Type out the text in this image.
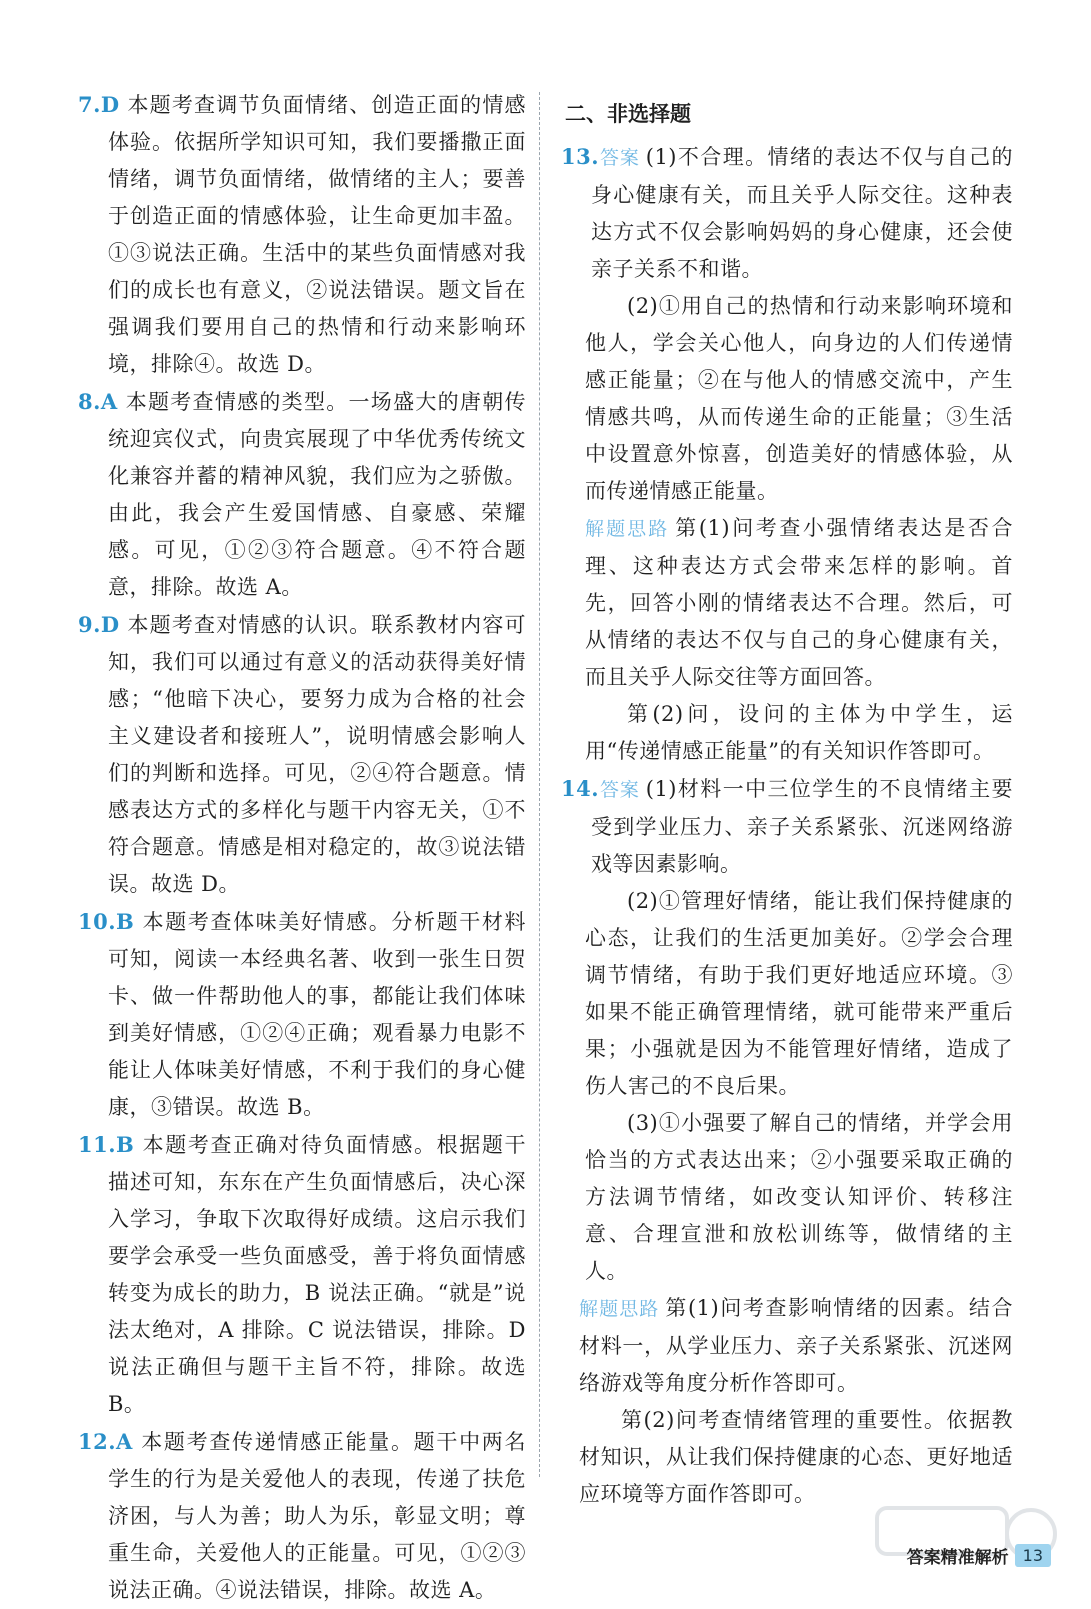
7.D 本题考查调节负面情绪、创造正面的情感体验。依据所学知识可知，我们要播撒正面情绪，调节负面情绪，做情绪的主人；要善于创造正面的情感体验，让生命更加丰盈。①③说法正确。生活中的某些负面情感对我们的成长也有意义，②说法错误。题文旨在强调我们要用自己的热情和行动来影响环境，排除④。故选 D。
8.A 本题考查情感的类型。一场盛大的唐朝传统迎宾仪式，向贵宾展现了中华优秀传统文化兼容并蓄的精神风貌，我们应为之骄傲。由此，我会产生爱国情感、自豪感、荣耀感。可见，①②③符合题意。④不符合题意，排除。故选 A。
9.D 本题考查对情感的认识。联系教材内容可知，我们可以通过有意义的活动获得美好情感；“他暗下决心，要努力成为合格的社会主义建设者和接班人”，说明情感会影响人们的判断和选择。可见，②④符合题意。情感表达方式的多样化与题干内容无关，①不符合题意。情感是相对稳定的，故③说法错误。故选 D。
10.B 本题考查体味美好情感。分析题干材料可知，阅读一本经典名著、收到一张生日贺卡、做一件帮助他人的事，都能让我们体味到美好情感，①②④正确；观看暴力电影不能让人体味美好情感，不利于我们的身心健康，③错误。故选 B。
11.B 本题考查正确对待负面情感。根据题干描述可知，东东在产生负面情感后，决心深入学习，争取下次取得好成绩。这启示我们要学会承受一些负面感受，善于将负面情感转变为成长的助力，B 说法正确。“就是”说法太绝对，A 排除。C 说法错误，排除。D 说法正确但与题干主旨不符，排除。故选 B。
12.A 本题考查传递情感正能量。题干中两名学生的行为是关爱他人的表现，传递了扶危济困，与人为善；助人为乐，彰显文明；尊重生命，关爱他人的正能量。可见，①②③说法正确。④说法错误，排除。故选 A。
二、非选择题

13.答案 (1)不合理。情绪的表达不仅与自己的身心健康有关，而且关乎人际交往。这种表达方式不仅会影响妈妈的身心健康，还会使亲子关系不和谐。

(2)①用自己的热情和行动来影响环境和他人，学会关心他人，向身边的人们传递情感正能量；②在与他人的情感交流中，产生情感共鸣，从而传递生命的正能量；③生活中设置意外惊喜，创造美好的情感体验，从而传递情感正能量。

解题思路 第(1)问考查小强情绪表达是否合理、这种表达方式会带来怎样的影响。首先，回答小刚的情绪表达不合理。然后，可从情绪的表达不仅与自己的身心健康有关，而且关乎人际交往等方面回答。

第(2)问，设问的主体为中学生，运用“传递情感正能量”的有关知识作答即可。

14.答案 (1)材料一中三位学生的不良情绪主要受到学业压力、亲子关系紧张、沉迷网络游戏等因素影响。

(2)①管理好情绪，能让我们保持健康的心态，让我们的生活更加美好。②学会合理调节情绪，有助于我们更好地适应环境。③如果不能正确管理情绪，就可能带来严重后果；小强就是因为不能管理好情绪，造成了伤人害己的不良后果。

(3)①小强要了解自己的情绪，并学会用恰当的方式表达出来；②小强要采取正确的方法调节情绪，如改变认知评价、转移注意、合理宣泄和放松训练等，做情绪的主人。

解题思路 第(1)问考查影响情绪的因素。结合材料一，从学业压力、亲子关系紧张、沉迷网络游戏等角度分析作答即可。

第(2)问考查情绪管理的重要性。依据教材知识，从让我们保持健康的心态、更好地适应环境等方面作答即可。

答案精准解析 13
